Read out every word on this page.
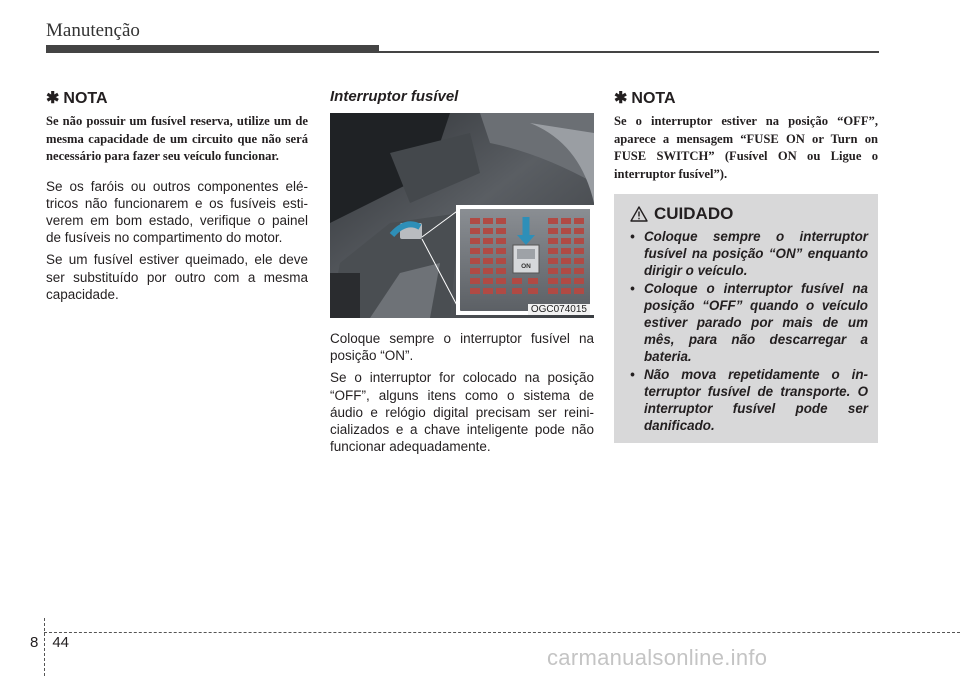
Manutenção
✱ NOTA

Se não possuir um fusível reserva, utilize um de mesma capacidade de um circuito que não será necessário para fazer seu veículo funcionar.

Se os faróis ou outros componentes elétricos não funcionarem e os fusíveis estiverem em bom estado, verifique o painel de fusíveis no compartimento do motor.

Se um fusível estiver queimado, ele deve ser substituído por outro com a mesma capacidade.

Interruptor fusível
ON
OGC074015

Coloque sempre o interruptor fusível na posição “ON”.

Se o interruptor for colocado na posição “OFF”, alguns itens como o sistema de áudio e relógio digital precisam ser reinicializados e a chave inteligente pode não funcionar adequadamente.

✱ NOTA

Se o interruptor estiver na posição “OFF”, aparece a mensagem “FUSE ON or Turn on FUSE SWITCH” (Fusível ON ou Ligue o interruptor fusível”).

CUIDADO
• Coloque sempre o interruptor fusível na posição “ON” enquanto dirigir o veículo.
• Coloque o interruptor fusível na posição “OFF” quando o veículo estiver parado por mais de um mês, para não descarregar a bateria.
• Não mova repetidamente o interruptor fusível de transporte. O interruptor fusível pode ser danificado.
8 44
carmanualsonline.info
